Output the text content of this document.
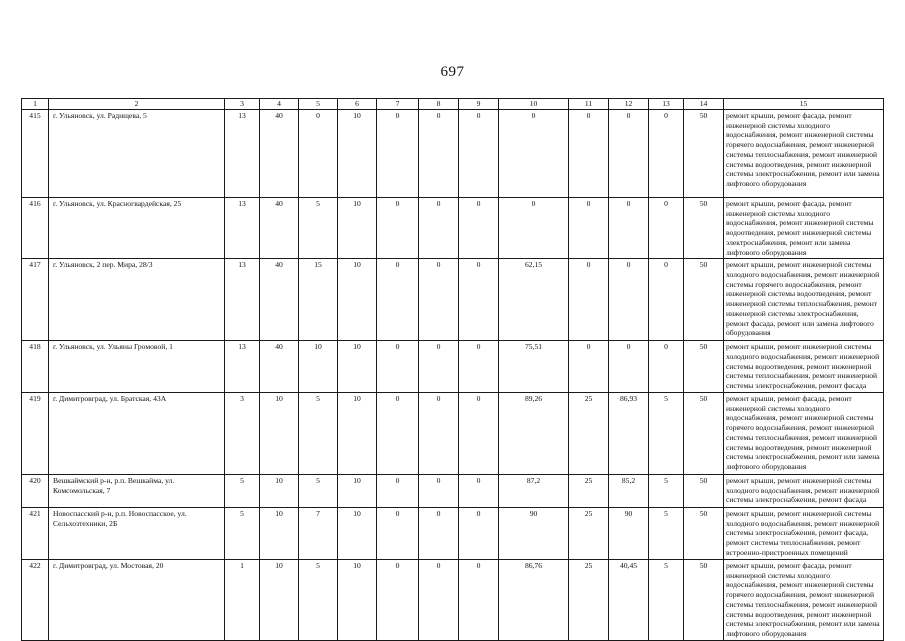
697
1	2	3	4	5	6	7	8	9	10	11	12	13	14	15
415	г. Ульяновск, ул. Радищева, 5	13	40	0	10	0	0	0	0	0	0	0	50	ремонт крыши, ремонт фасада, ремонт инженерной системы холодного водоснабжения, ремонт инженерной системы горячего водоснабжения, ремонт инженерной системы теплоснабжения, ремонт инженерной системы водоотведения, ремонт инженерной системы электроснабжения, ремонт или замена лифтового оборудования
416	г. Ульяновск, ул. Красногвардейская, 25	13	40	5	10	0	0	0	0	0	0	0	50	ремонт крыши, ремонт фасада, ремонт инженерной системы холодного водоснабжения, ремонт инженерной системы водоотведения, ремонт инженерной системы электроснабжения, ремонт или замена лифтового оборудования
417	г. Ульяновск, 2 пер. Мира, 28/3	13	40	15	10	0	0	0	62,15	0	0	0	50	ремонт крыши, ремонт инженерной системы холодного водоснабжения, ремонт инженерной системы горячего водоснабжения, ремонт инженерной системы водоотведения, ремонт инженерной системы теплоснабжения, ремонт инженерной системы электроснабжения, ремонт фасада, ремонт или замена лифтового оборудования
418	г. Ульяновск, ул. Ульяны Громовой, 1	13	40	10	10	0	0	0	75,51	0	0	0	50	ремонт крыши, ремонт инженерной системы холодного водоснабжения, ремонт инженерной системы водоотведения, ремонт инженерной системы теплоснабжения, ремонт инженерной системы электроснабжения, ремонт фасада
419	г. Димитровград, ул. Братская, 43А	3	10	5	10	0	0	0	89,26	25	86,93	5	50	ремонт крыши, ремонт фасада, ремонт инженерной системы холодного водоснабжения, ремонт инженерной системы горячего водоснабжения, ремонт инженерной системы теплоснабжения, ремонт инженерной системы водоотведения, ремонт инженерной системы электроснабжения, ремонт или замена лифтового оборудования
420	Вешкаймский р-н, р.п. Вешкайма, ул. Комсомольская, 7	5	10	5	10	0	0	0	87,2	25	85,2	5	50	ремонт крыши, ремонт инженерной системы холодного водоснабжения, ремонт инженерной системы электроснабжения, ремонт фасада
421	Новоспасский р-н, р.п. Новоспасское, ул. Сельхозтехники, 2Б	5	10	7	10	0	0	0	90	25	90	5	50	ремонт крыши, ремонт инженерной системы холодного водоснабжения, ремонт инженерной системы электроснабжения, ремонт фасада, ремонт системы теплоснабжения, ремонт встроенно-пристроенных помещений
422	г. Димитровград, ул. Мостовая, 20	1	10	5	10	0	0	0	86,76	25	40,45	5	50	ремонт крыши, ремонт фасада, ремонт инженерной системы холодного водоснабжения, ремонт инженерной системы горячего водоснабжения, ремонт инженерной системы теплоснабжения, ремонт инженерной системы водоотведения, ремонт инженерной системы электроснабжения, ремонт или замена лифтового оборудования
